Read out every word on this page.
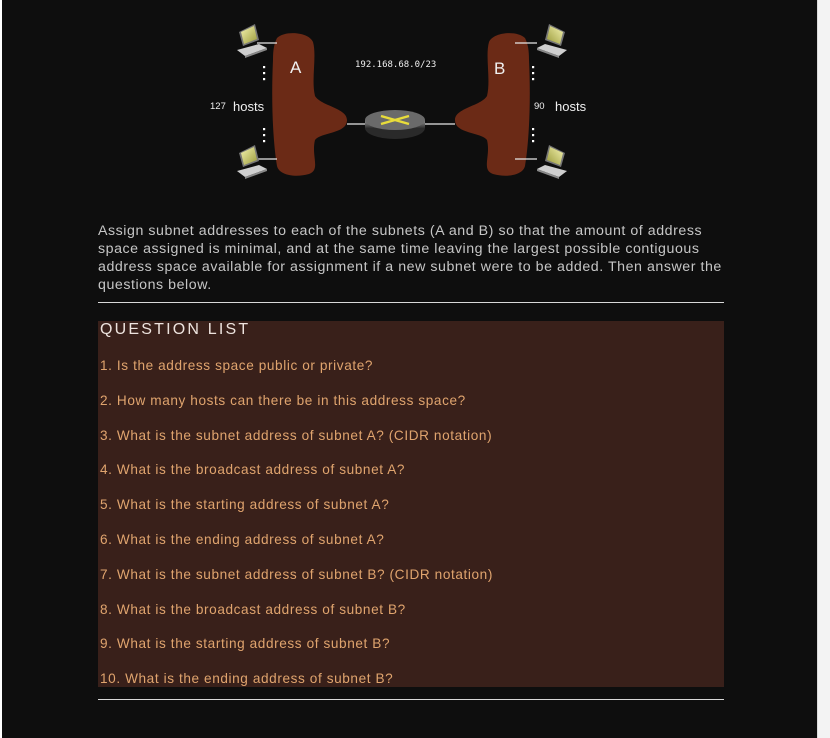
A	B
192.168.68.0/23
127 hosts	90 hosts

Assign subnet addresses to each of the subnets (A and B) so that the amount of address space assigned is minimal, and at the same time leaving the largest possible contiguous address space available for assignment if a new subnet were to be added. Then answer the questions below.

QUESTION LIST
1. Is the address space public or private?
2. How many hosts can there be in this address space?
3. What is the subnet address of subnet A? (CIDR notation)
4. What is the broadcast address of subnet A?
5. What is the starting address of subnet A?
6. What is the ending address of subnet A?
7. What is the subnet address of subnet B? (CIDR notation)
8. What is the broadcast address of subnet B?
9. What is the starting address of subnet B?
10. What is the ending address of subnet B?
